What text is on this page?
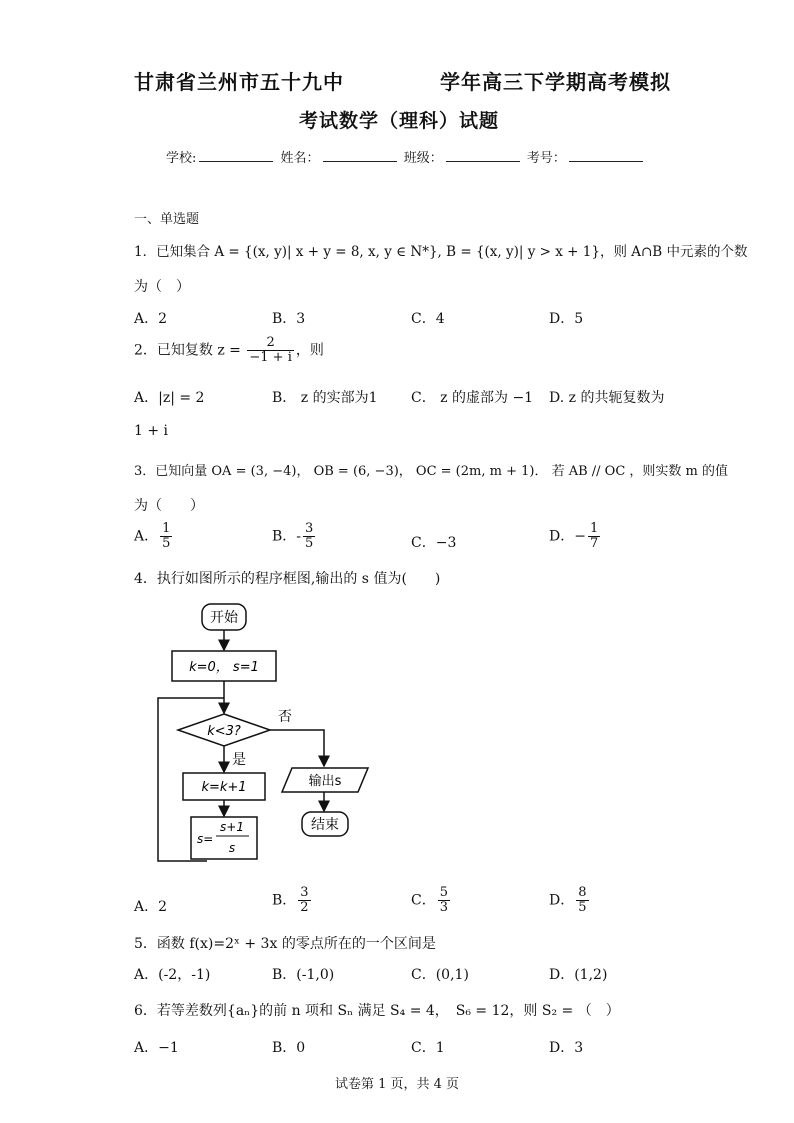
甘肃省兰州市五十九中	学年高三下学期高考模拟
考试数学（理科）试题
学校:	姓名：	班级：	考号：
一、单选题
1．已知集合 A = {(x, y)| x + y = 8, x, y ∈ N*}, B = {(x, y)| y > x + 1}，则 A∩B 中元素的个数
为（　）
A．2	B．3	C．4	D．5
2．已知复数 $z = \frac{2}{-1 + i}$ ，则
A．|z| = 2	B． z 的实部为1 C． z 的虚部为 −1 D. z 的共轭复数为
1 + i
3．已知向量 OA = (3, −4)， OB = (6, −3)， OC = (2m, m + 1)． 若 AB // OC ，则实数 m 的值
为（　　）
A． $\frac{1}{5}$	B．- $\frac{3}{5}$	C．−3	D．− $\frac{1}{7}$
4．执行如图所示的程序框图,输出的 s 值为(　　)
开始
k=0， s=1
k<3?
否
是
k=k+1
s=
s+1
s
输出s
结束
A．2	B． $\frac{3}{2}$	C． $\frac{5}{3}$	D． $\frac{8}{5}$
5．函数 f(x)=2ˣ + 3x 的零点所在的一个区间是
A．(-2，-1)	B．(-1,0)	C．(0,1)	D．(1,2)
6．若等差数列{aₙ}的前 n 项和 Sₙ 满足 S₄ = 4，　S₆ = 12，则 S₂ = （　）
A．−1	B．0	C．1	D．3
试卷第 1 页，共 4 页
